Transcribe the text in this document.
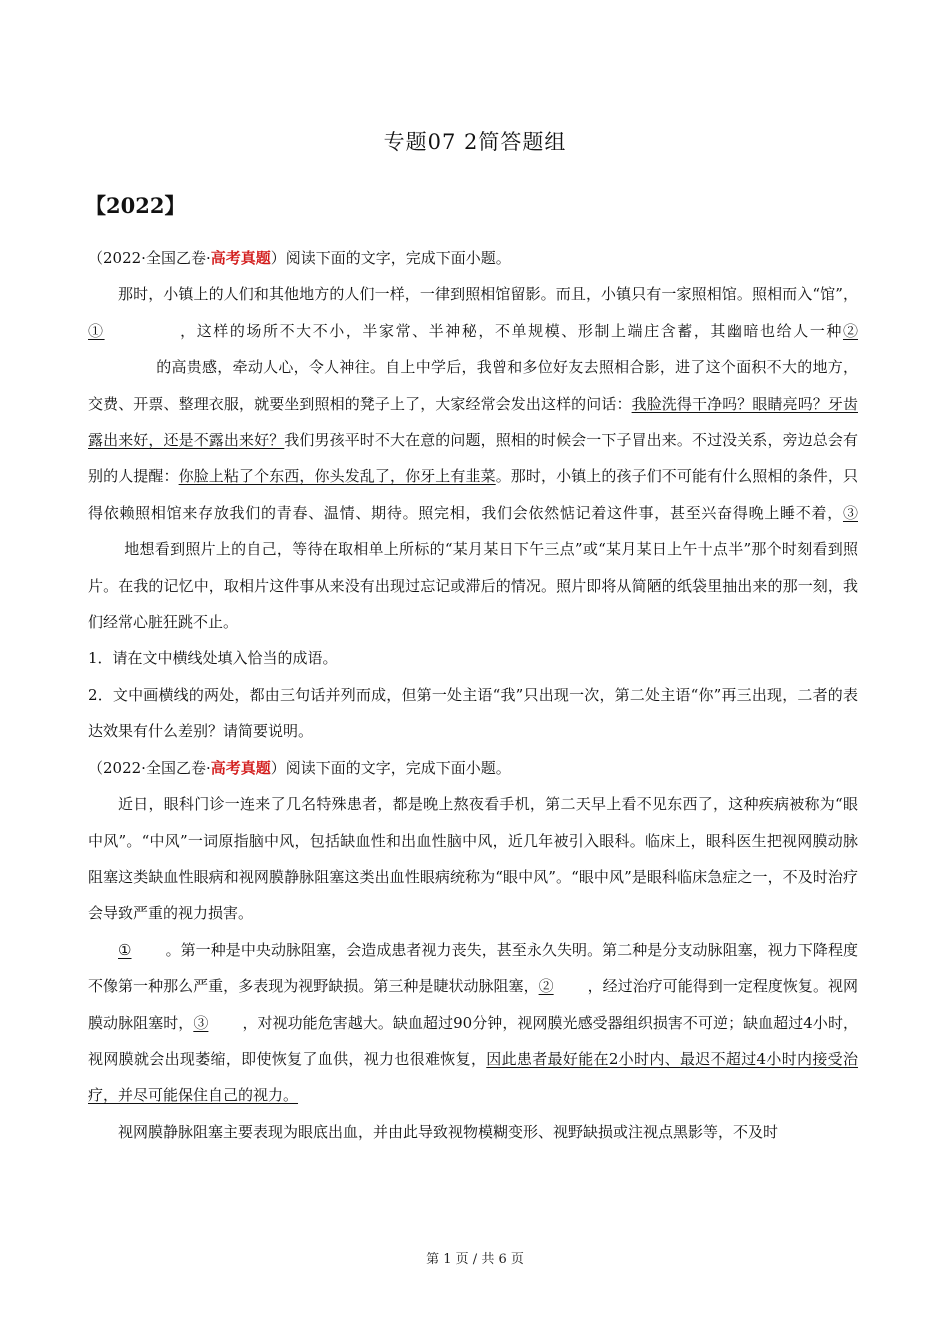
专题07 2简答题组
【2022】

（2022·全国乙卷·高考真题）阅读下面的文字，完成下面小题。

那时，小镇上的人们和其他地方的人们一样，一律到照相馆留影。而且，小镇只有一家照相馆。照相而入“馆”，①	，这样的场所不大不小，半家常、半神秘，不单规模、形制上端庄含蓄，其幽暗也给人一种②的高贵感，牵动人心，令人神往。自上中学后，我曾和多位好友去照相合影，进了这个面积不大的地方，交费、开票、整理衣服，就要坐到照相的凳子上了，大家经常会发出这样的问话：我脸洗得干净吗？眼睛亮吗？牙齿露出来好，还是不露出来好？我们男孩平时不大在意的问题，照相的时候会一下子冒出来。不过没关系，旁边总会有别的人提醒：你脸上粘了个东西，你头发乱了，你牙上有韭菜。那时，小镇上的孩子们不可能有什么照相的条件，只得依赖照相馆来存放我们的青春、温情、期待。照完相，我们会依然惦记着这件事，甚至兴奋得晚上睡不着，③地想看到照片上的自己，等待在取相单上所标的“某月某日下午三点”或“某月某日上午十点半”那个时刻看到照片。在我的记忆中，取相片这件事从来没有出现过忘记或滞后的情况。照片即将从简陋的纸袋里抽出来的那一刻，我们经常心脏狂跳不止。

1．请在文中横线处填入恰当的成语。

2．文中画横线的两处，都由三句话并列而成，但第一处主语“我”只出现一次，第二处主语“你”再三出现，二者的表达效果有什么差别？请简要说明。

（2022·全国乙卷·高考真题）阅读下面的文字，完成下面小题。

近日，眼科门诊一连来了几名特殊患者，都是晚上熬夜看手机，第二天早上看不见东西了，这种疾病被称为“眼中风”。“中风”一词原指脑中风，包括缺血性和出血性脑中风，近几年被引入眼科。临床上，眼科医生把视网膜动脉阻塞这类缺血性眼病和视网膜静脉阻塞这类出血性眼病统称为“眼中风”。“眼中风”是眼科临床急症之一，不及时治疗会导致严重的视力损害。

① 。第一种是中央动脉阻塞，会造成患者视力丧失，甚至永久失明。第二种是分支动脉阻塞，视力下降程度不像第一种那么严重，多表现为视野缺损。第三种是睫状动脉阻塞，② ，经过治疗可能得到一定程度恢复。视网膜动脉阻塞时，③ ，对视功能危害越大。缺血超过90分钟，视网膜光感受器组织损害不可逆；缺血超过4小时，视网膜就会出现萎缩，即使恢复了血供，视力也很难恢复，因此患者最好能在2小时内、最迟不超过4小时内接受治疗，并尽可能保住自己的视力。

视网膜静脉阻塞主要表现为眼底出血，并由此导致视物模糊变形、视野缺损或注视点黑影等，不及时

第 1 页 / 共 6 页
